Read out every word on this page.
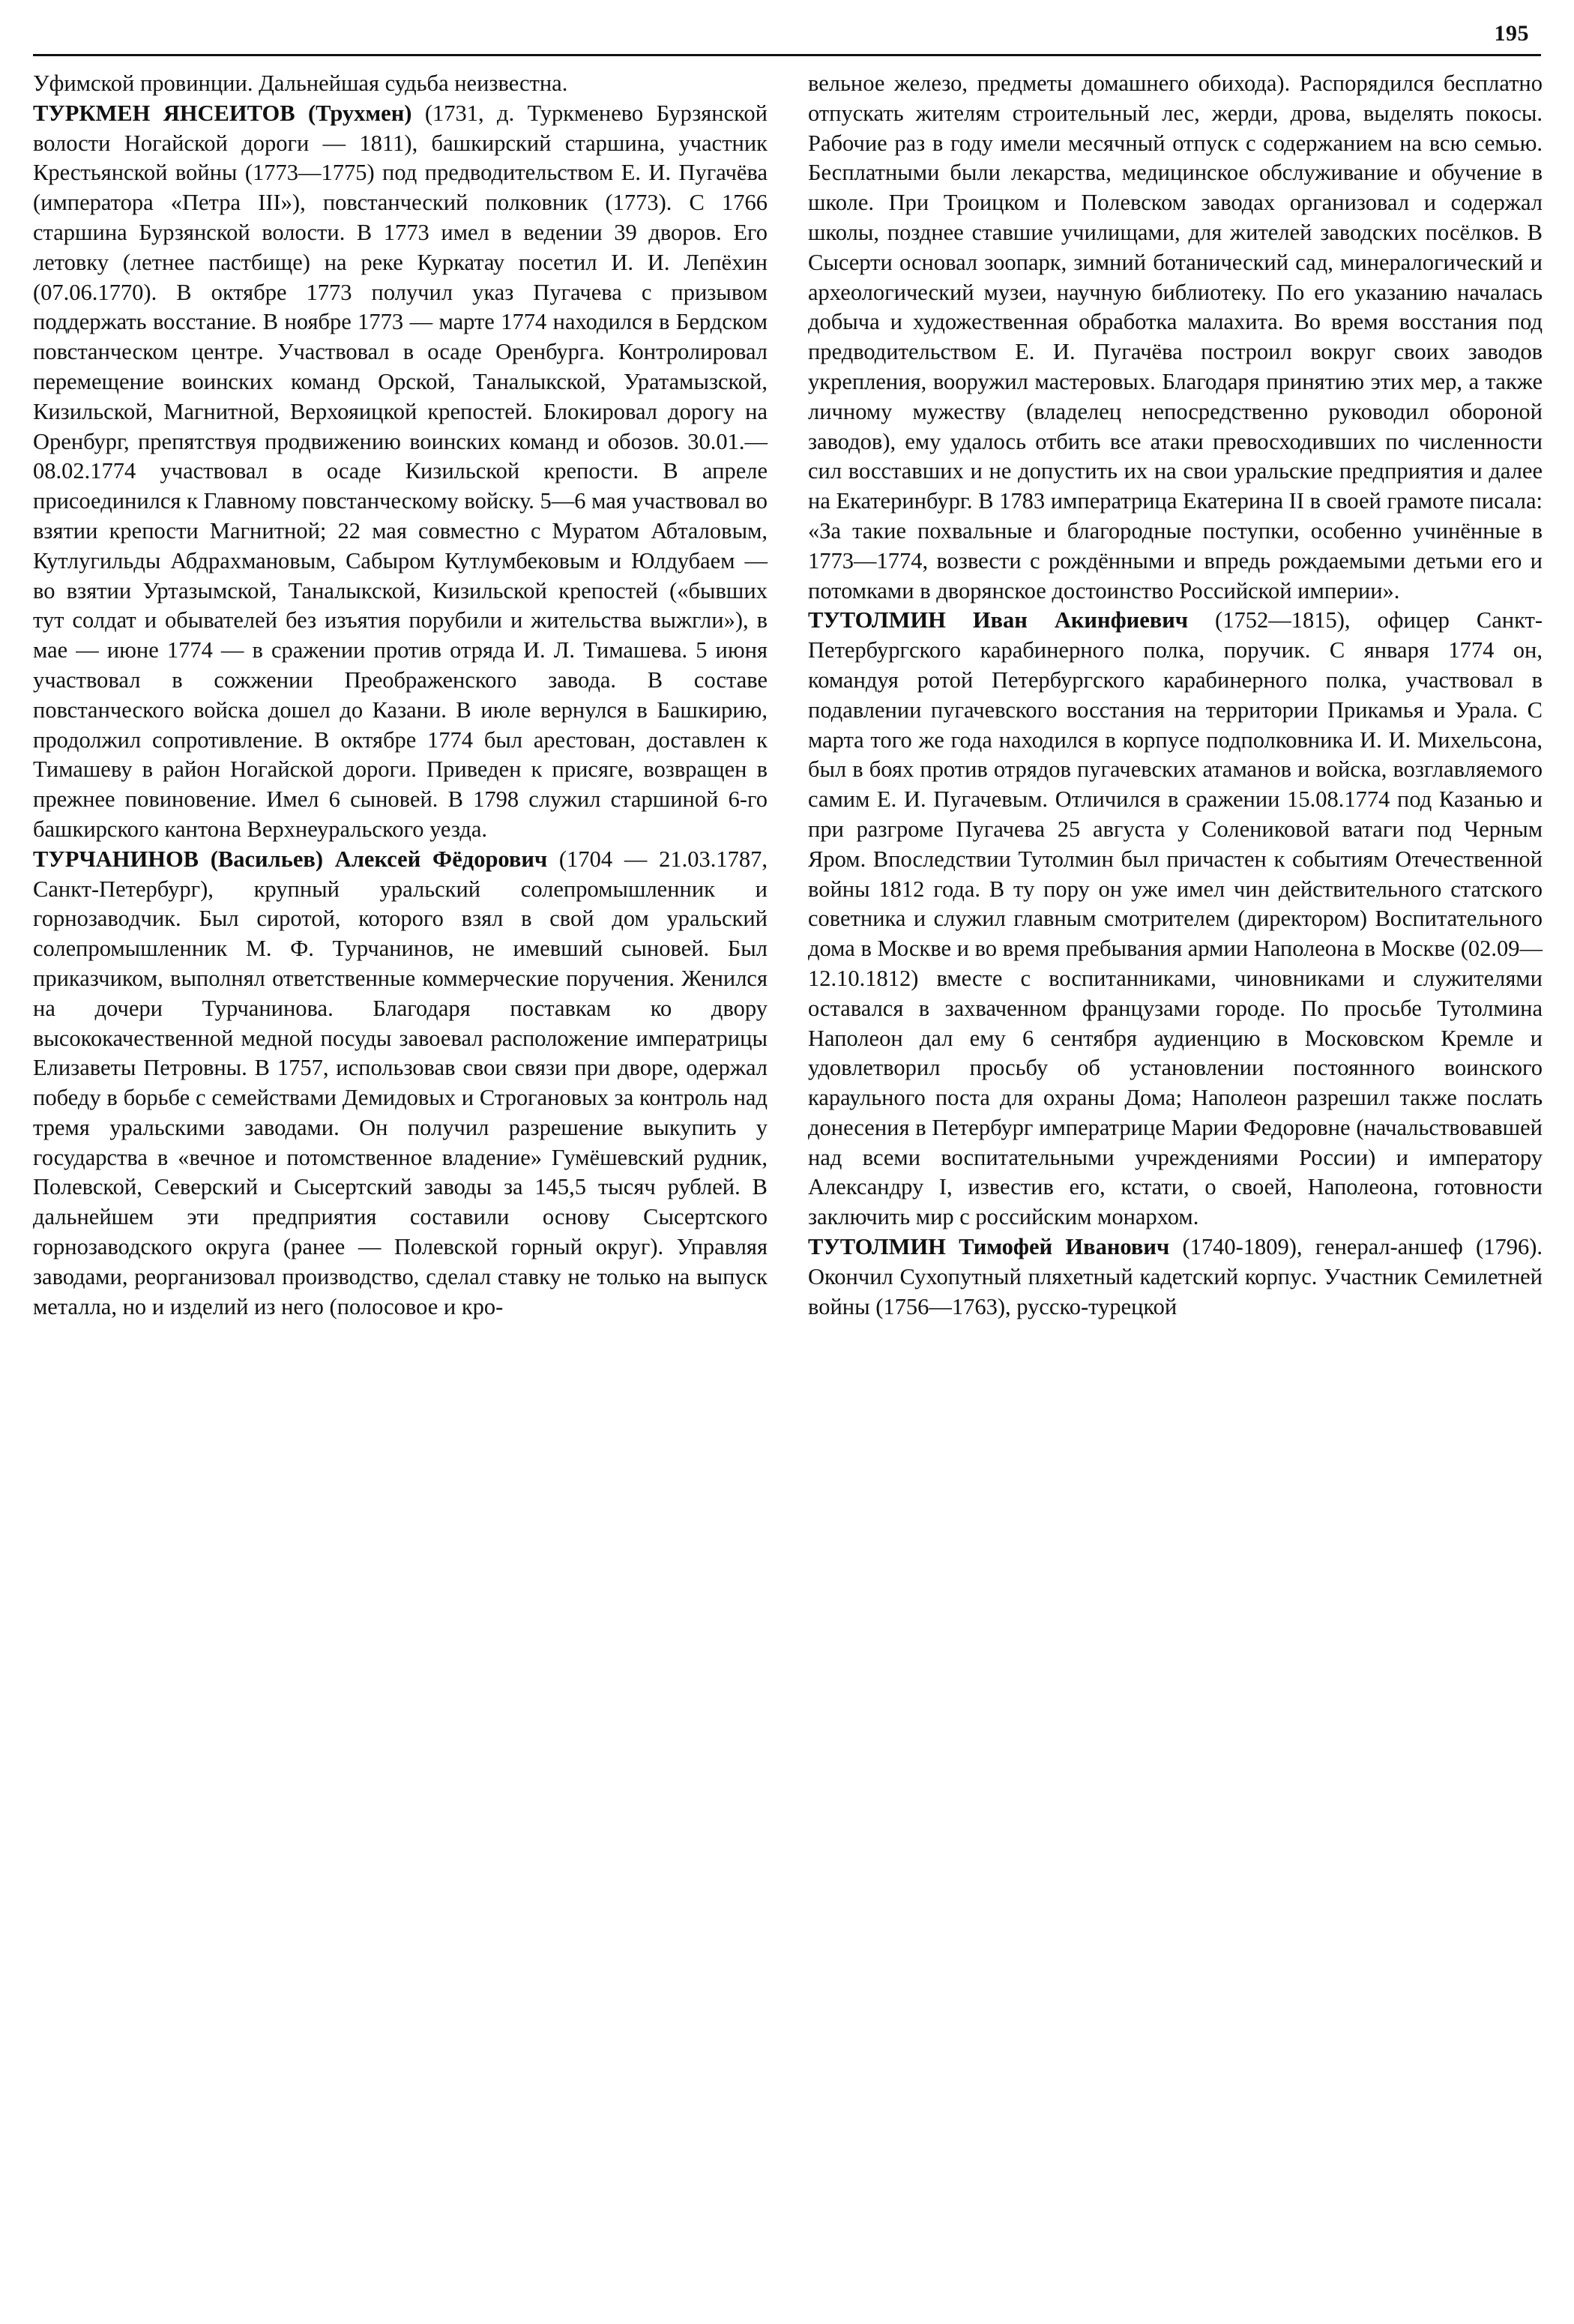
195

Уфимской провинции. Дальнейшая судьба неизвестна.

ТУРКМЕН ЯНСЕИТОВ (Трухмен) (1731, д. Туркменево Бурзянской волости Ногайской дороги — 1811), башкирский старшина, участник Крестьянской войны (1773—1775) под предводительством Е. И. Пугачёва (императора «Петра III»), повстанческий полковник (1773). С 1766 старшина Бурзянской волости. В 1773 имел в ведении 39 дворов. Его летовку (летнее пастбище) на реке Куркатау посетил И. И. Лепёхин (07.06.1770). В октябре 1773 получил указ Пугачева с призывом поддержать восстание. В ноябре 1773 — марте 1774 находился в Бердском повстанческом центре. Участвовал в осаде Оренбурга. Контролировал перемещение воинских команд Орской, Таналыкской, Уратамызской, Кизильской, Магнитной, Верхояицкой крепостей. Блокировал дорогу на Оренбург, препятствуя продвижению воинских команд и обозов. 30.01.—08.02.1774 участвовал в осаде Кизильской крепости. В апреле присоединился к Главному повстанческому войску. 5—6 мая участвовал во взятии крепости Магнитной; 22 мая совместно с Муратом Абталовым, Кутлугильды Абдрахмановым, Сабыром Кутлумбековым и Юлдубаем — во взятии Уртазымской, Таналыкской, Кизильской крепостей («бывших тут солдат и обывателей без изъятия порубили и жительства выжгли»), в мае — июне 1774 — в сражении против отряда И. Л. Тимашева. 5 июня участвовал в сожжении Преображенского завода. В составе повстанческого войска дошел до Казани. В июле вернулся в Башкирию, продолжил сопротивление. В октябре 1774 был арестован, доставлен к Тимашеву в район Ногайской дороги. Приведен к присяге, возвращен в прежнее повиновение. Имел 6 сыновей. В 1798 служил старшиной 6-го башкирского кантона Верхнеуральского уезда.

ТУРЧАНИНОВ (Васильев) Алексей Фёдорович (1704 — 21.03.1787, Санкт-Петербург), крупный уральский солепромышленник и горнозаводчик. Был сиротой, которого взял в свой дом уральский солепромышленник М. Ф. Турчанинов, не имевший сыновей. Был приказчиком, выполнял ответственные коммерческие поручения. Женился на дочери Турчанинова. Благодаря поставкам ко двору высококачественной медной посуды завоевал расположение императрицы Елизаветы Петровны. В 1757, использовав свои связи при дворе, одержал победу в борьбе с семействами Демидовых и Строгановых за контроль над тремя уральскими заводами. Он получил разрешение выкупить у государства в «вечное и потомственное владение» Гумёшевский рудник, Полевской, Северский и Сысертский заводы за 145,5 тысяч рублей. В дальнейшем эти предприятия составили основу Сысертского горнозаводского округа (ранее — Полевской горный округ). Управляя заводами, реорганизовал производство, сделал ставку не только на выпуск металла, но и изделий из него (полосовое и кро-

вельное железо, предметы домашнего обихода). Распорядился бесплатно отпускать жителям строительный лес, жерди, дрова, выделять покосы. Рабочие раз в году имели месячный отпуск с содержанием на всю семью. Бесплатными были лекарства, медицинское обслуживание и обучение в школе. При Троицком и Полевском заводах организовал и содержал школы, позднее ставшие училищами, для жителей заводских посёлков. В Сысерти основал зоопарк, зимний ботанический сад, минералогический и археологический музеи, научную библиотеку. По его указанию началась добыча и художественная обработка малахита. Во время восстания под предводительством Е. И. Пугачёва построил вокруг своих заводов укрепления, вооружил мастеровых. Благодаря принятию этих мер, а также личному мужеству (владелец непосредственно руководил обороной заводов), ему удалось отбить все атаки превосходивших по численности сил восставших и не допустить их на свои уральские предприятия и далее на Екатеринбург. В 1783 императрица Екатерина II в своей грамоте писала: «За такие похвальные и благородные поступки, особенно учинённые в 1773—1774, возвести с рождёнными и впредь рождаемыми детьми его и потомками в дворянское достоинство Российской империи».

ТУТОЛМИН Иван Акинфиевич (1752—1815), офицер Санкт-Петербургского карабинерного полка, поручик. С января 1774 он, командуя ротой Петербургского карабинерного полка, участвовал в подавлении пугачевского восстания на территории Прикамья и Урала. С марта того же года находился в корпусе подполковника И. И. Михельсона, был в боях против отрядов пугачевских атаманов и войска, возглавляемого самим Е. И. Пугачевым. Отличился в сражении 15.08.1774 под Казанью и при разгроме Пугачева 25 августа у Солениковой ватаги под Черным Яром. Впоследствии Тутолмин был причастен к событиям Отечественной войны 1812 года. В ту пору он уже имел чин действительного статского советника и служил главным смотрителем (директором) Воспитательного дома в Москве и во время пребывания армии Наполеона в Москве (02.09—12.10.1812) вместе с воспитанниками, чиновниками и служителями оставался в захваченном французами городе. По просьбе Тутолмина Наполеон дал ему 6 сентября аудиенцию в Московском Кремле и удовлетворил просьбу об установлении постоянного воинского караульного поста для охраны Дома; Наполеон разрешил также послать донесения в Петербург императрице Марии Федоровне (начальствовавшей над всеми воспитательными учреждениями России) и императору Александру I, известив его, кстати, о своей, Наполеона, готовности заключить мир с российским монархом.

ТУТОЛМИН Тимофей Иванович (1740-1809), генерал-аншеф (1796). Окончил Сухопутный пляхетный кадетский корпус. Участник Семилетней войны (1756—1763), русско-турецкой
